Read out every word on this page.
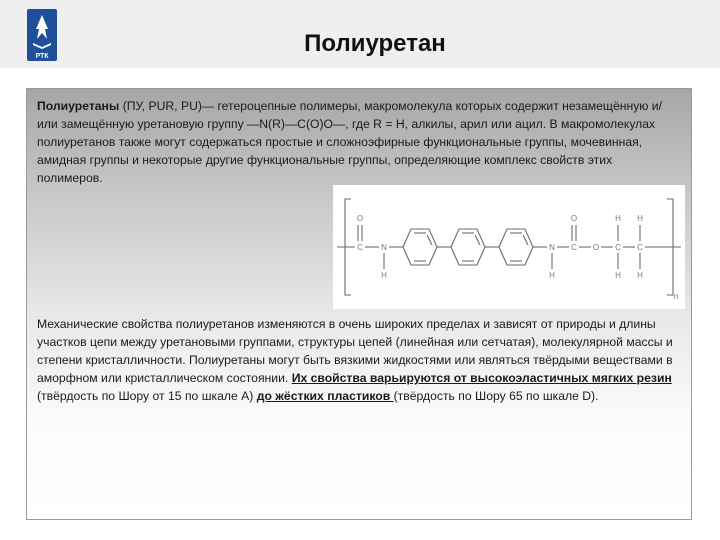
РТК	Полиуретан

Полиуретаны (ПУ, PUR, PU)— гетероцепные полимеры, макромолекула которых содержит незамещённую и/или замещённую уретановую группу —N(R)—C(O)O—, где R = H, алкилы, арил или ацил. В макромолекулах полиуретанов также могут содержаться простые и сложноэфирные функциональные группы, мочевинная, амидная группы и некоторые другие функциональные группы, определяющие комплекс свойств этих полимеров.

C
O
N
H
N
H
C
O
O C
H
H
C
H
H
n

Механические свойства полиуретанов изменяются в очень широких пределах и зависят от природы и длины участков цепи между уретановыми группами, структуры цепей (линейная или сетчатая), молекулярной массы и степени кристалличности. Полиуретаны могут быть вязкими жидкостями или являться твёрдыми веществами в аморфном или кристаллическом состоянии. Их свойства варьируются от высокоэластичных мягких резин (твёрдость по Шору от 15 по шкале А) до жёстких пластиков (твёрдость по Шору 65 по шкале D).
